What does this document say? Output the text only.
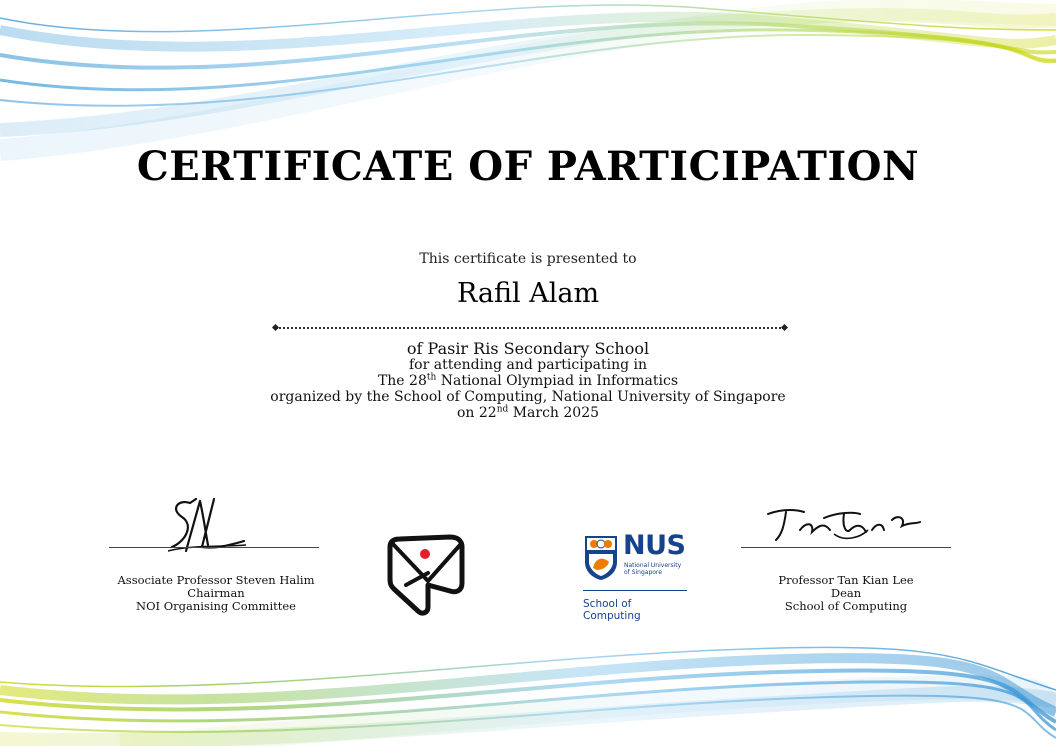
CERTIFICATE OF PARTICIPATION
This certificate is presented to
Rafil Alam
of Pasir Ris Secondary School
for attending and participating in
The 28th National Olympiad in Informatics
organized by the School of Computing, National University of Singapore
on 22nd March 2025
Associate Professor Steven Halim
Chairman
NOI Organising Committee
Professor Tan Kian Lee
Dean
School of Computing
NUS
National University
of Singapore
School of Computing
